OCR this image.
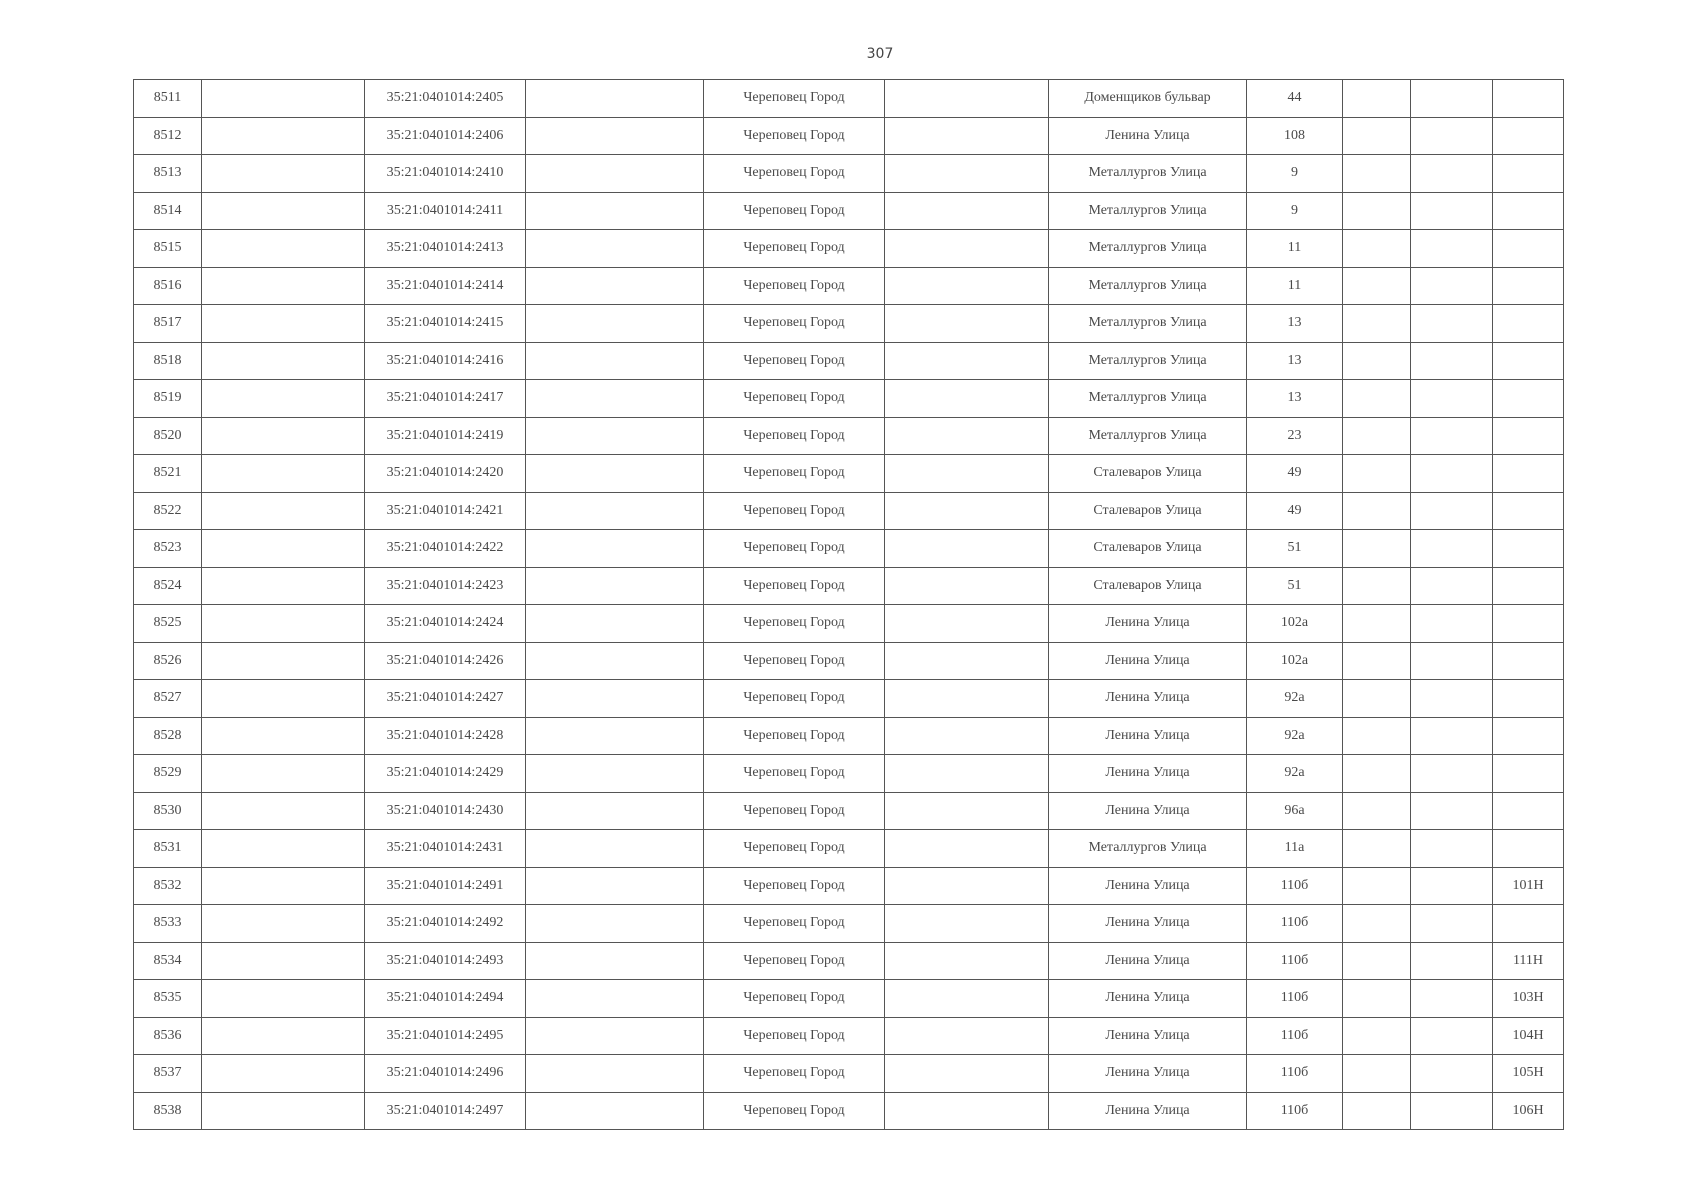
307
8511		35:21:0401014:2405		Череповец Город		Доменщиков бульвар	44			
8512		35:21:0401014:2406		Череповец Город		Ленина Улица	108			
8513		35:21:0401014:2410		Череповец Город		Металлургов Улица	9			
8514		35:21:0401014:2411		Череповец Город		Металлургов Улица	9			
8515		35:21:0401014:2413		Череповец Город		Металлургов Улица	11			
8516		35:21:0401014:2414		Череповец Город		Металлургов Улица	11			
8517		35:21:0401014:2415		Череповец Город		Металлургов Улица	13			
8518		35:21:0401014:2416		Череповец Город		Металлургов Улица	13			
8519		35:21:0401014:2417		Череповец Город		Металлургов Улица	13			
8520		35:21:0401014:2419		Череповец Город		Металлургов Улица	23			
8521		35:21:0401014:2420		Череповец Город		Сталеваров Улица	49			
8522		35:21:0401014:2421		Череповец Город		Сталеваров Улица	49			
8523		35:21:0401014:2422		Череповец Город		Сталеваров Улица	51			
8524		35:21:0401014:2423		Череповец Город		Сталеваров Улица	51			
8525		35:21:0401014:2424		Череповец Город		Ленина Улица	102а			
8526		35:21:0401014:2426		Череповец Город		Ленина Улица	102а			
8527		35:21:0401014:2427		Череповец Город		Ленина Улица	92а			
8528		35:21:0401014:2428		Череповец Город		Ленина Улица	92а			
8529		35:21:0401014:2429		Череповец Город		Ленина Улица	92а			
8530		35:21:0401014:2430		Череповец Город		Ленина Улица	96а			
8531		35:21:0401014:2431		Череповец Город		Металлургов Улица	11а			
8532		35:21:0401014:2491		Череповец Город		Ленина Улица	110б			101Н
8533		35:21:0401014:2492		Череповец Город		Ленина Улица	110б			
8534		35:21:0401014:2493		Череповец Город		Ленина Улица	110б			111Н
8535		35:21:0401014:2494		Череповец Город		Ленина Улица	110б			103Н
8536		35:21:0401014:2495		Череповец Город		Ленина Улица	110б			104Н
8537		35:21:0401014:2496		Череповец Город		Ленина Улица	110б			105Н
8538		35:21:0401014:2497		Череповец Город		Ленина Улица	110б			106Н
